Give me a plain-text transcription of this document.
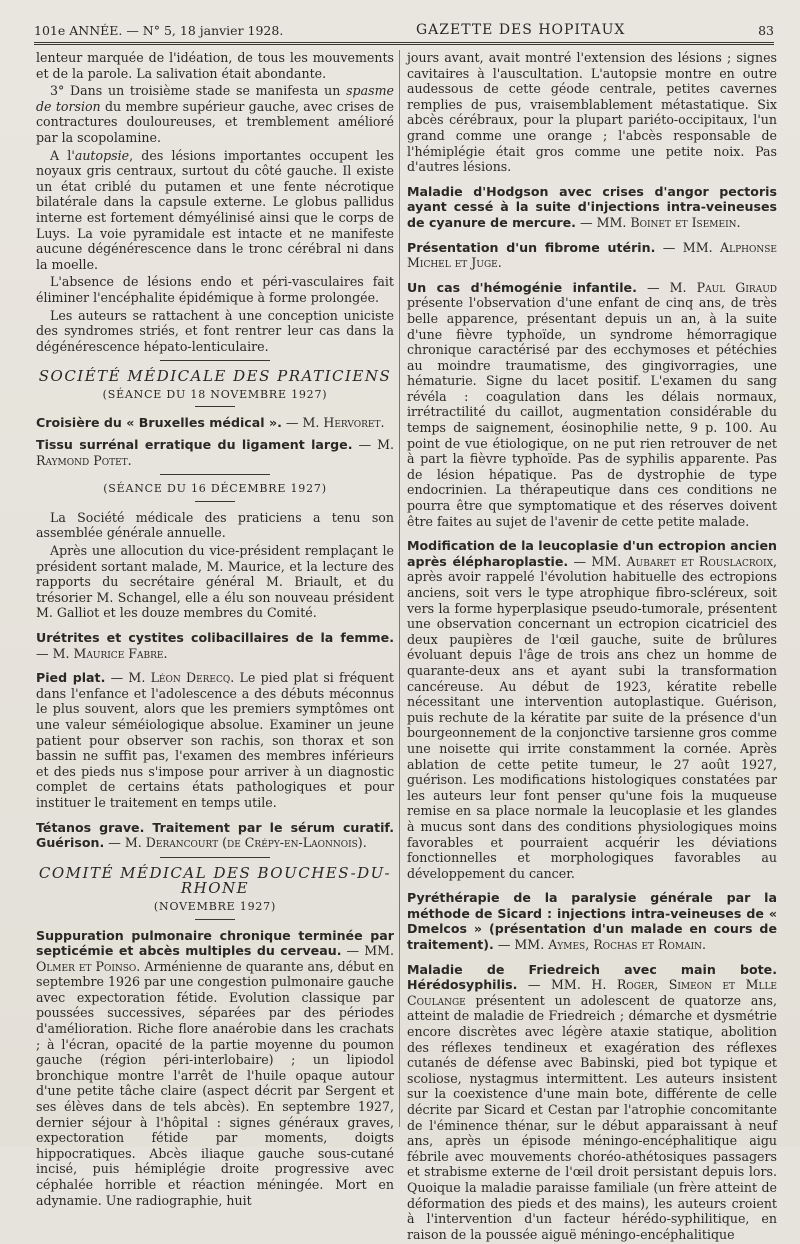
101e ANNÉE. — N° 5, 18 janvier 1928.	GAZETTE DES HOPITAUX	83

lenteur marquée de l'idéation, de tous les mouvements et de la parole. La salivation était abondante.

3° Dans un troisième stade se manifesta un spasme de torsion du membre supérieur gauche, avec crises de contractures douloureuses, et tremblement amélioré par la scopolamine.

A l'autopsie, des lésions importantes occupent les noyaux gris centraux, surtout du côté gauche. Il existe un état criblé du putamen et une fente nécrotique bilatérale dans la capsule externe. Le globus pallidus interne est fortement démyélinisé ainsi que le corps de Luys. La voie pyramidale est intacte et ne manifeste aucune dégénérescence dans le tronc cérébral ni dans la moelle.

L'absence de lésions endo et péri-vasculaires fait éliminer l'encéphalite épidémique à forme prolongée.

Les auteurs se rattachent à une conception uniciste des syndromes striés, et font rentrer leur cas dans la dégénérescence hépato-lenticulaire.

SOCIÉTÉ MÉDICALE DES PRATICIENS
(SÉANCE DU 18 NOVEMBRE 1927)

Croisière du « Bruxelles médical ». — M. Hervoret.

Tissu surrénal erratique du ligament large. — M. Raymond Potet.

(SÉANCE DU 16 DÉCEMBRE 1927)

La Société médicale des praticiens a tenu son assemblée générale annuelle.

Après une allocution du vice-président remplaçant le président sortant malade, M. Maurice, et la lecture des rapports du secrétaire général M. Briault, et du trésorier M. Schangel, elle a élu son nouveau président M. Galliot et les douze membres du Comité.

Urétrites et cystites colibacillaires de la femme. — M. Maurice Fabre.

Pied plat. — M. Léon Derecq. Le pied plat si fréquent dans l'enfance et l'adolescence a des débuts méconnus le plus souvent, alors que les premiers symptômes ont une valeur séméiologique absolue. Examiner un jeune patient pour observer son rachis, son thorax et son bassin ne suffit pas, l'examen des membres inférieurs et des pieds nus s'impose pour arriver à un diagnostic complet de certains états pathologiques et pour instituer le traitement en temps utile.

Tétanos grave. Traitement par le sérum curatif. Guérison. — M. Derancourt (de Crépy-en-Laonnois).

COMITÉ MÉDICAL DES BOUCHES-DU-RHONE
(NOVEMBRE 1927)

Suppuration pulmonaire chronique terminée par septicémie et abcès multiples du cerveau. — MM. Olmer et Poinso. Arménienne de quarante ans, début en septembre 1926 par une congestion pulmonaire gauche avec expectoration fétide. Evolution classique par poussées successives, séparées par des périodes d'amélioration. Riche flore anaérobie dans les crachats ; à l'écran, opacité de la partie moyenne du poumon gauche (région péri-interlobaire) ; un lipiodol bronchique montre l'arrêt de l'huile opaque autour d'une petite tâche claire (aspect décrit par Sergent et ses élèves dans de tels abcès). En septembre 1927, dernier séjour à l'hôpital : signes généraux graves, expectoration fétide par moments, doigts hippocratiques. Abcès iliaque gauche sous-cutané incisé, puis hémiplégie droite progressive avec céphalée horrible et réaction méningée. Mort en adynamie. Une radiographie, huit

jours avant, avait montré l'extension des lésions ; signes cavitaires à l'auscultation. L'autopsie montre en outre audessous de cette géode centrale, petites cavernes remplies de pus, vraisemblablement métastatique. Six abcès cérébraux, pour la plupart pariéto-occipitaux, l'un grand comme une orange ; l'abcès responsable de l'hémiplégie était gros comme une petite noix. Pas d'autres lésions.

Maladie d'Hodgson avec crises d'angor pectoris ayant cessé à la suite d'injections intra-veineuses de cyanure de mercure. — MM. Boinet et Isemein.

Présentation d'un fibrome utérin. — MM. Alphonse Michel et Juge.

Un cas d'hémogénie infantile. — M. Paul Giraud présente l'observation d'une enfant de cinq ans, de très belle apparence, présentant depuis un an, à la suite d'une fièvre typhoïde, un syndrome hémorragique chronique caractérisé par des ecchymoses et pétéchies au moindre traumatisme, des gingivorragies, une hématurie. Signe du lacet positif. L'examen du sang révéla : coagulation dans les délais normaux, irrétractilité du caillot, augmentation considérable du temps de saignement, éosinophilie nette, 9 p. 100. Au point de vue étiologique, on ne put rien retrouver de net à part la fièvre typhoïde. Pas de syphilis apparente. Pas de lésion hépatique. Pas de dystrophie de type endocrinien. La thérapeutique dans ces conditions ne pourra être que symptomatique et des réserves doivent être faites au sujet de l'avenir de cette petite malade.

Modification de la leucoplasie d'un ectropion ancien après élépharoplastie. — MM. Aubaret et Rouslacroix, après avoir rappelé l'évolution habituelle des ectropions anciens, soit vers le type atrophique fibro-scléreux, soit vers la forme hyperplasique pseudo-tumorale, présentent une observation concernant un ectropion cicatriciel des deux paupières de l'œil gauche, suite de brûlures évoluant depuis l'âge de trois ans chez un homme de quarante-deux ans et ayant subi la transformation cancéreuse. Au début de 1923, kératite rebelle nécessitant une intervention autoplastique. Guérison, puis rechute de la kératite par suite de la présence d'un bourgeonnement de la conjonctive tarsienne gros comme une noisette qui irrite constamment la cornée. Après ablation de cette petite tumeur, le 27 août 1927, guérison. Les modifications histologiques constatées par les auteurs leur font penser qu'une fois la muqueuse remise en sa place normale la leucoplasie et les glandes à mucus sont dans des conditions physiologiques moins favorables et pourraient acquérir les déviations fonctionnelles et morphologiques favorables au développement du cancer.

Pyréthérapie de la paralysie générale par la méthode de Sicard : injections intra-veineuses de « Dmelcos » (présentation d'un malade en cours de traitement). — MM. Aymes, Rochas et Romain.

Maladie de Friedreich avec main bote. Hérédosyphilis. — MM. H. Roger, Simeon et Mlle Coulange présentent un adolescent de quatorze ans, atteint de maladie de Friedreich ; démarche et dysmétrie encore discrètes avec légère ataxie statique, abolition des réflexes tendineux et exagération des réflexes cutanés de défense avec Babinski, pied bot typique et scoliose, nystagmus intermittent. Les auteurs insistent sur la coexistence d'une main bote, différente de celle décrite par Sicard et Cestan par l'atrophie concomitante de l'éminence thénar, sur le début apparaissant à neuf ans, après un épisode méningo-encéphalitique aigu fébrile avec mouvements choréo-athétosiques passagers et strabisme externe de l'œil droit persistant depuis lors. Quoique la maladie paraisse familiale (un frère atteint de déformation des pieds et des mains), les auteurs croient à l'intervention d'un facteur hérédo-syphilitique, en raison de la poussée aiguë méningo-encéphalitique
